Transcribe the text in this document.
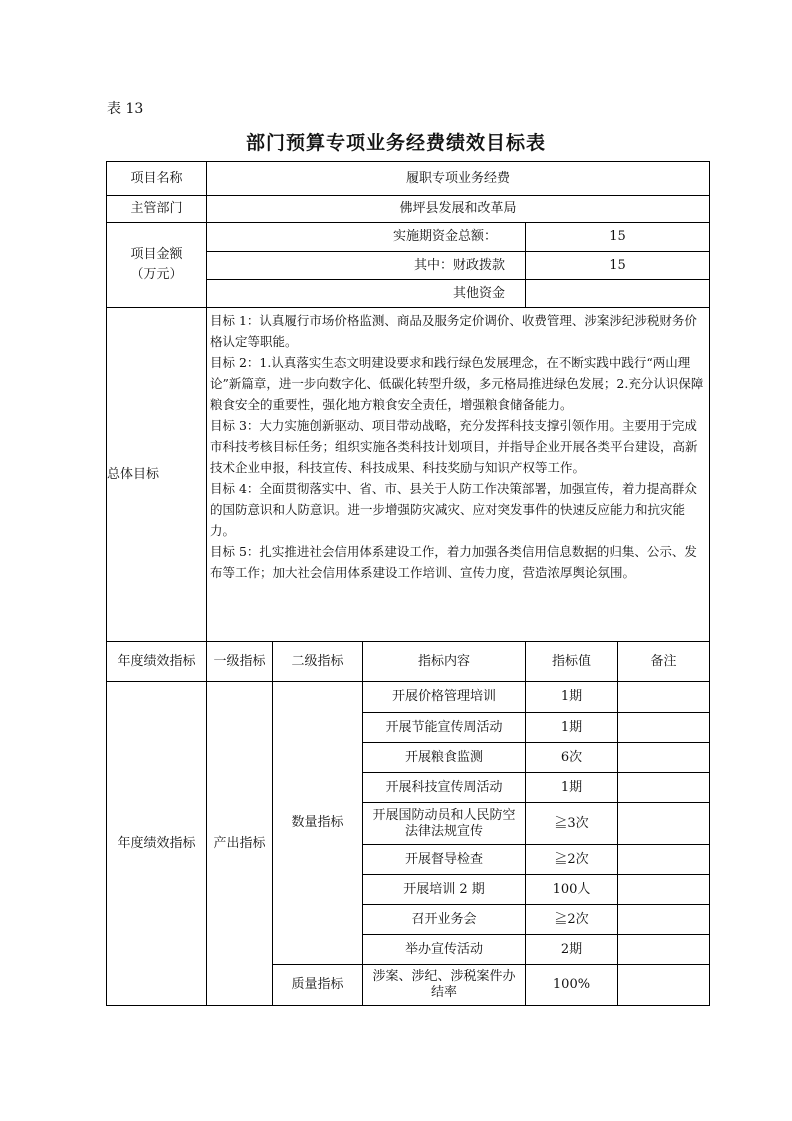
表 13
部门预算专项业务经费绩效目标表
项目名称	履职专项业务经费				
主管部门	佛坪县发展和改革局				
项目金额（万元）	实施期资金总额：			15	
	其中：财政拨款			15	
	其他资金				
总体目标	目标 1：认真履行市场价格监测、商品及服务定价调价、收费管理、涉案涉纪涉税财务价格认定等职能。

目标 2：1.认真落实生态文明建设要求和践行绿色发展理念，在不断实践中践行“两山理论”新篇章，进一步向数字化、低碳化转型升级，多元格局推进绿色发展；2.充分认识保障粮食安全的重要性，强化地方粮食安全责任，增强粮食储备能力。

目标 3：大力实施创新驱动、项目带动战略，充分发挥科技支撑引领作用。主要用于完成市科技考核目标任务；组织实施各类科技计划项目，并指导企业开展各类平台建设，高新技术企业申报，科技宣传、科技成果、科技奖励与知识产权等工作。

目标 4：全面贯彻落实中、省、市、县关于人防工作决策部署，加强宣传，着力提高群众的国防意识和人防意识。进一步增强防灾减灾、应对突发事件的快速反应能力和抗灾能力。

目标 5：扎实推进社会信用体系建设工作，着力加强各类信用信息数据的归集、公示、发布等工作；加大社会信用体系建设工作培训、宣传力度，营造浓厚舆论氛围。				

年度绩效指标	一级指标	二级指标	指标内容	指标值	备注
年度绩效指标	产出指标	数量指标	开展价格管理培训	1期	
			开展节能宣传周活动	1期	
			开展粮食监测	6次	
			开展科技宣传周活动	1期	
			开展国防动员和人民防空法律法规宣传	≧3次	
			开展督导检查	≧2次	
			开展培训 2 期	100人	
			召开业务会	≧2次	
			举办宣传活动	2期	
		质量指标	涉案、涉纪、涉税案件办结率	100%	
